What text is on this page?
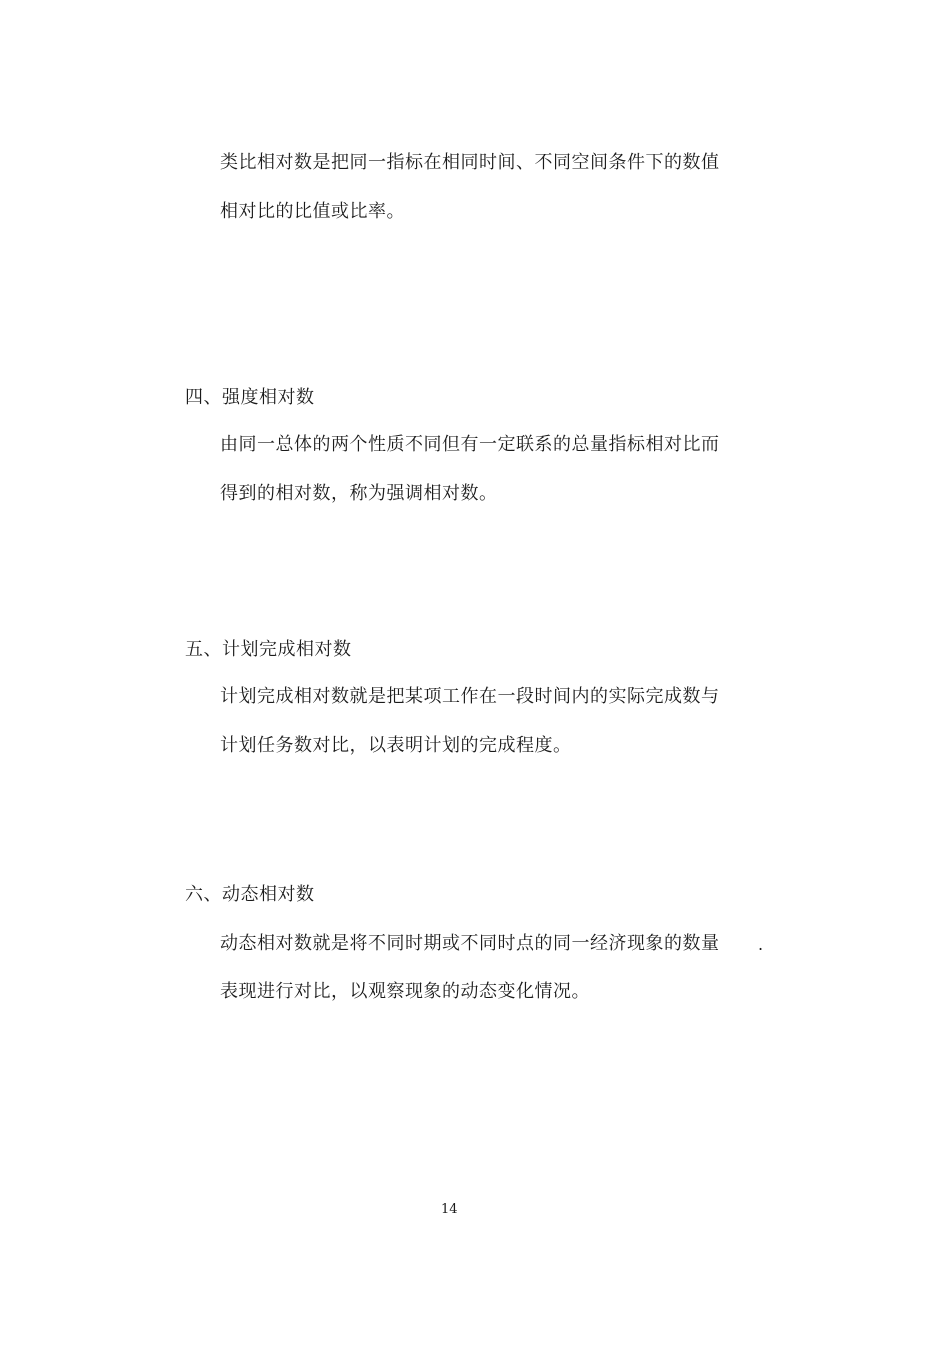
类比相对数是把同一指标在相同时间、不同空间条件下的数值
相对比的比值或比率。
四、强度相对数
由同一总体的两个性质不同但有一定联系的总量指标相对比而
得到的相对数，称为强调相对数。
五、计划完成相对数
计划完成相对数就是把某项工作在一段时间内的实际完成数与
计划任务数对比，以表明计划的完成程度。
六、动态相对数
动态相对数就是将不同时期或不同时点的同一经济现象的数量
表现进行对比，以观察现象的动态变化情况。
.
14
